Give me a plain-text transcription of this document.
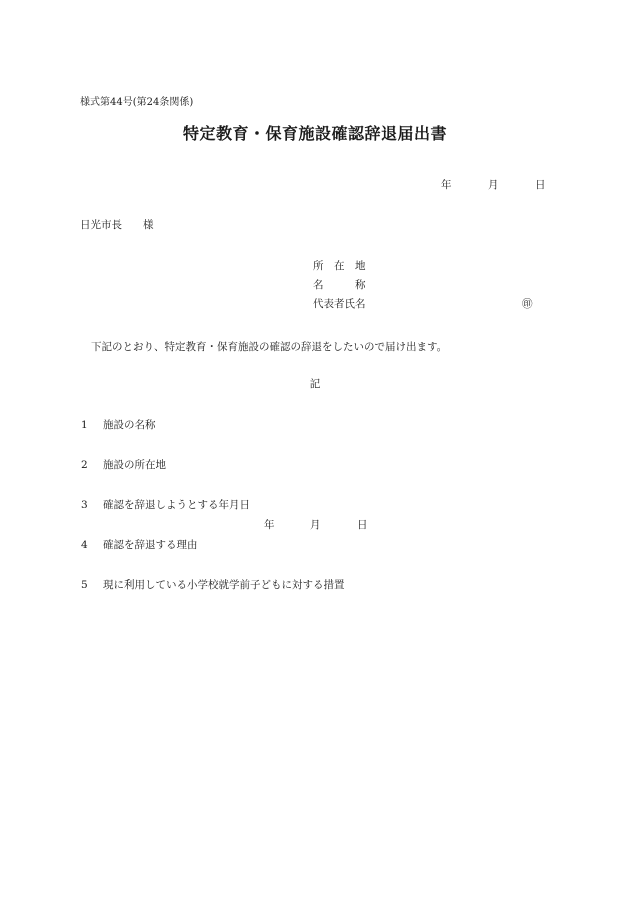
様式第44号(第24条関係)

特定教育・保育施設確認辞退届出書
年	月	日

日光市長　　様

所　在　地

名　　　称

代表者氏名	㊞

下記のとおり、特定教育・保育施設の確認の辞退をしたいので届け出ます。

記

1 施設の名称
2 施設の所在地
3 確認を辞退しようとする年月日
年	月	日
4 確認を辞退する理由
5 現に利用している小学校就学前子どもに対する措置
